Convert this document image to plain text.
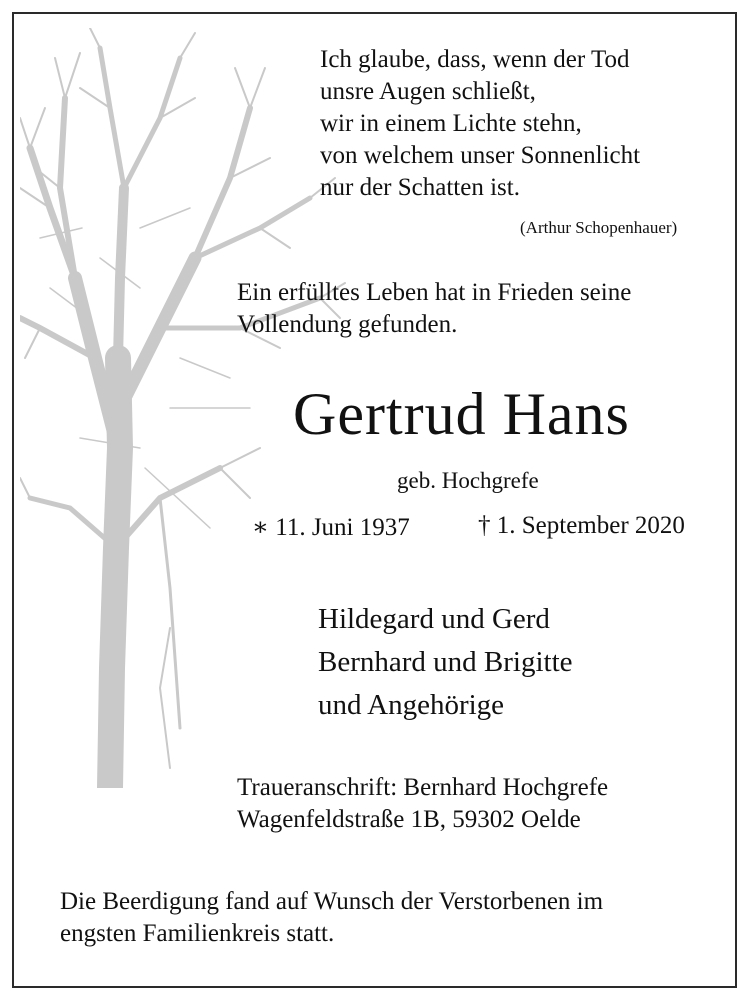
Ich glaube, dass, wenn der Tod
unsre Augen schließt,
wir in einem Lichte stehn,
von welchem unser Sonnenlicht
nur der Schatten ist.
(Arthur Schopenhauer)
Ein erfülltes Leben hat in Frieden seine
Vollendung gefunden.
Gertrud Hans
geb. Hochgrefe
∗ 11. Juni 1937	† 1. September 2020
Hildegard und Gerd
Bernhard und Brigitte
und Angehörige
Traueranschrift: Bernhard Hochgrefe
Wagenfeldstraße 1B, 59302 Oelde
Die Beerdigung fand auf Wunsch der Verstorbenen im
engsten Familienkreis statt.
